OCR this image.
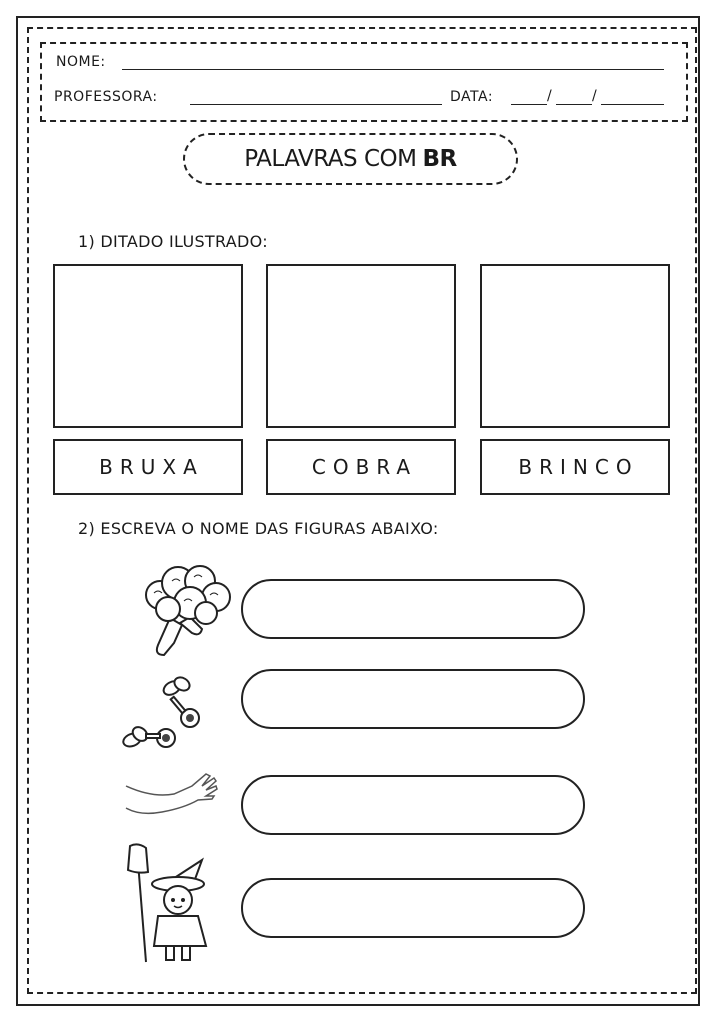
NOME:
PROFESSORA:	DATA:	/	/
PALAVRAS COM BR
1) DITADO ILUSTRADO:
BRUXA	COBRA	BRINCO
2) ESCREVA O NOME DAS FIGURAS ABAIXO:
